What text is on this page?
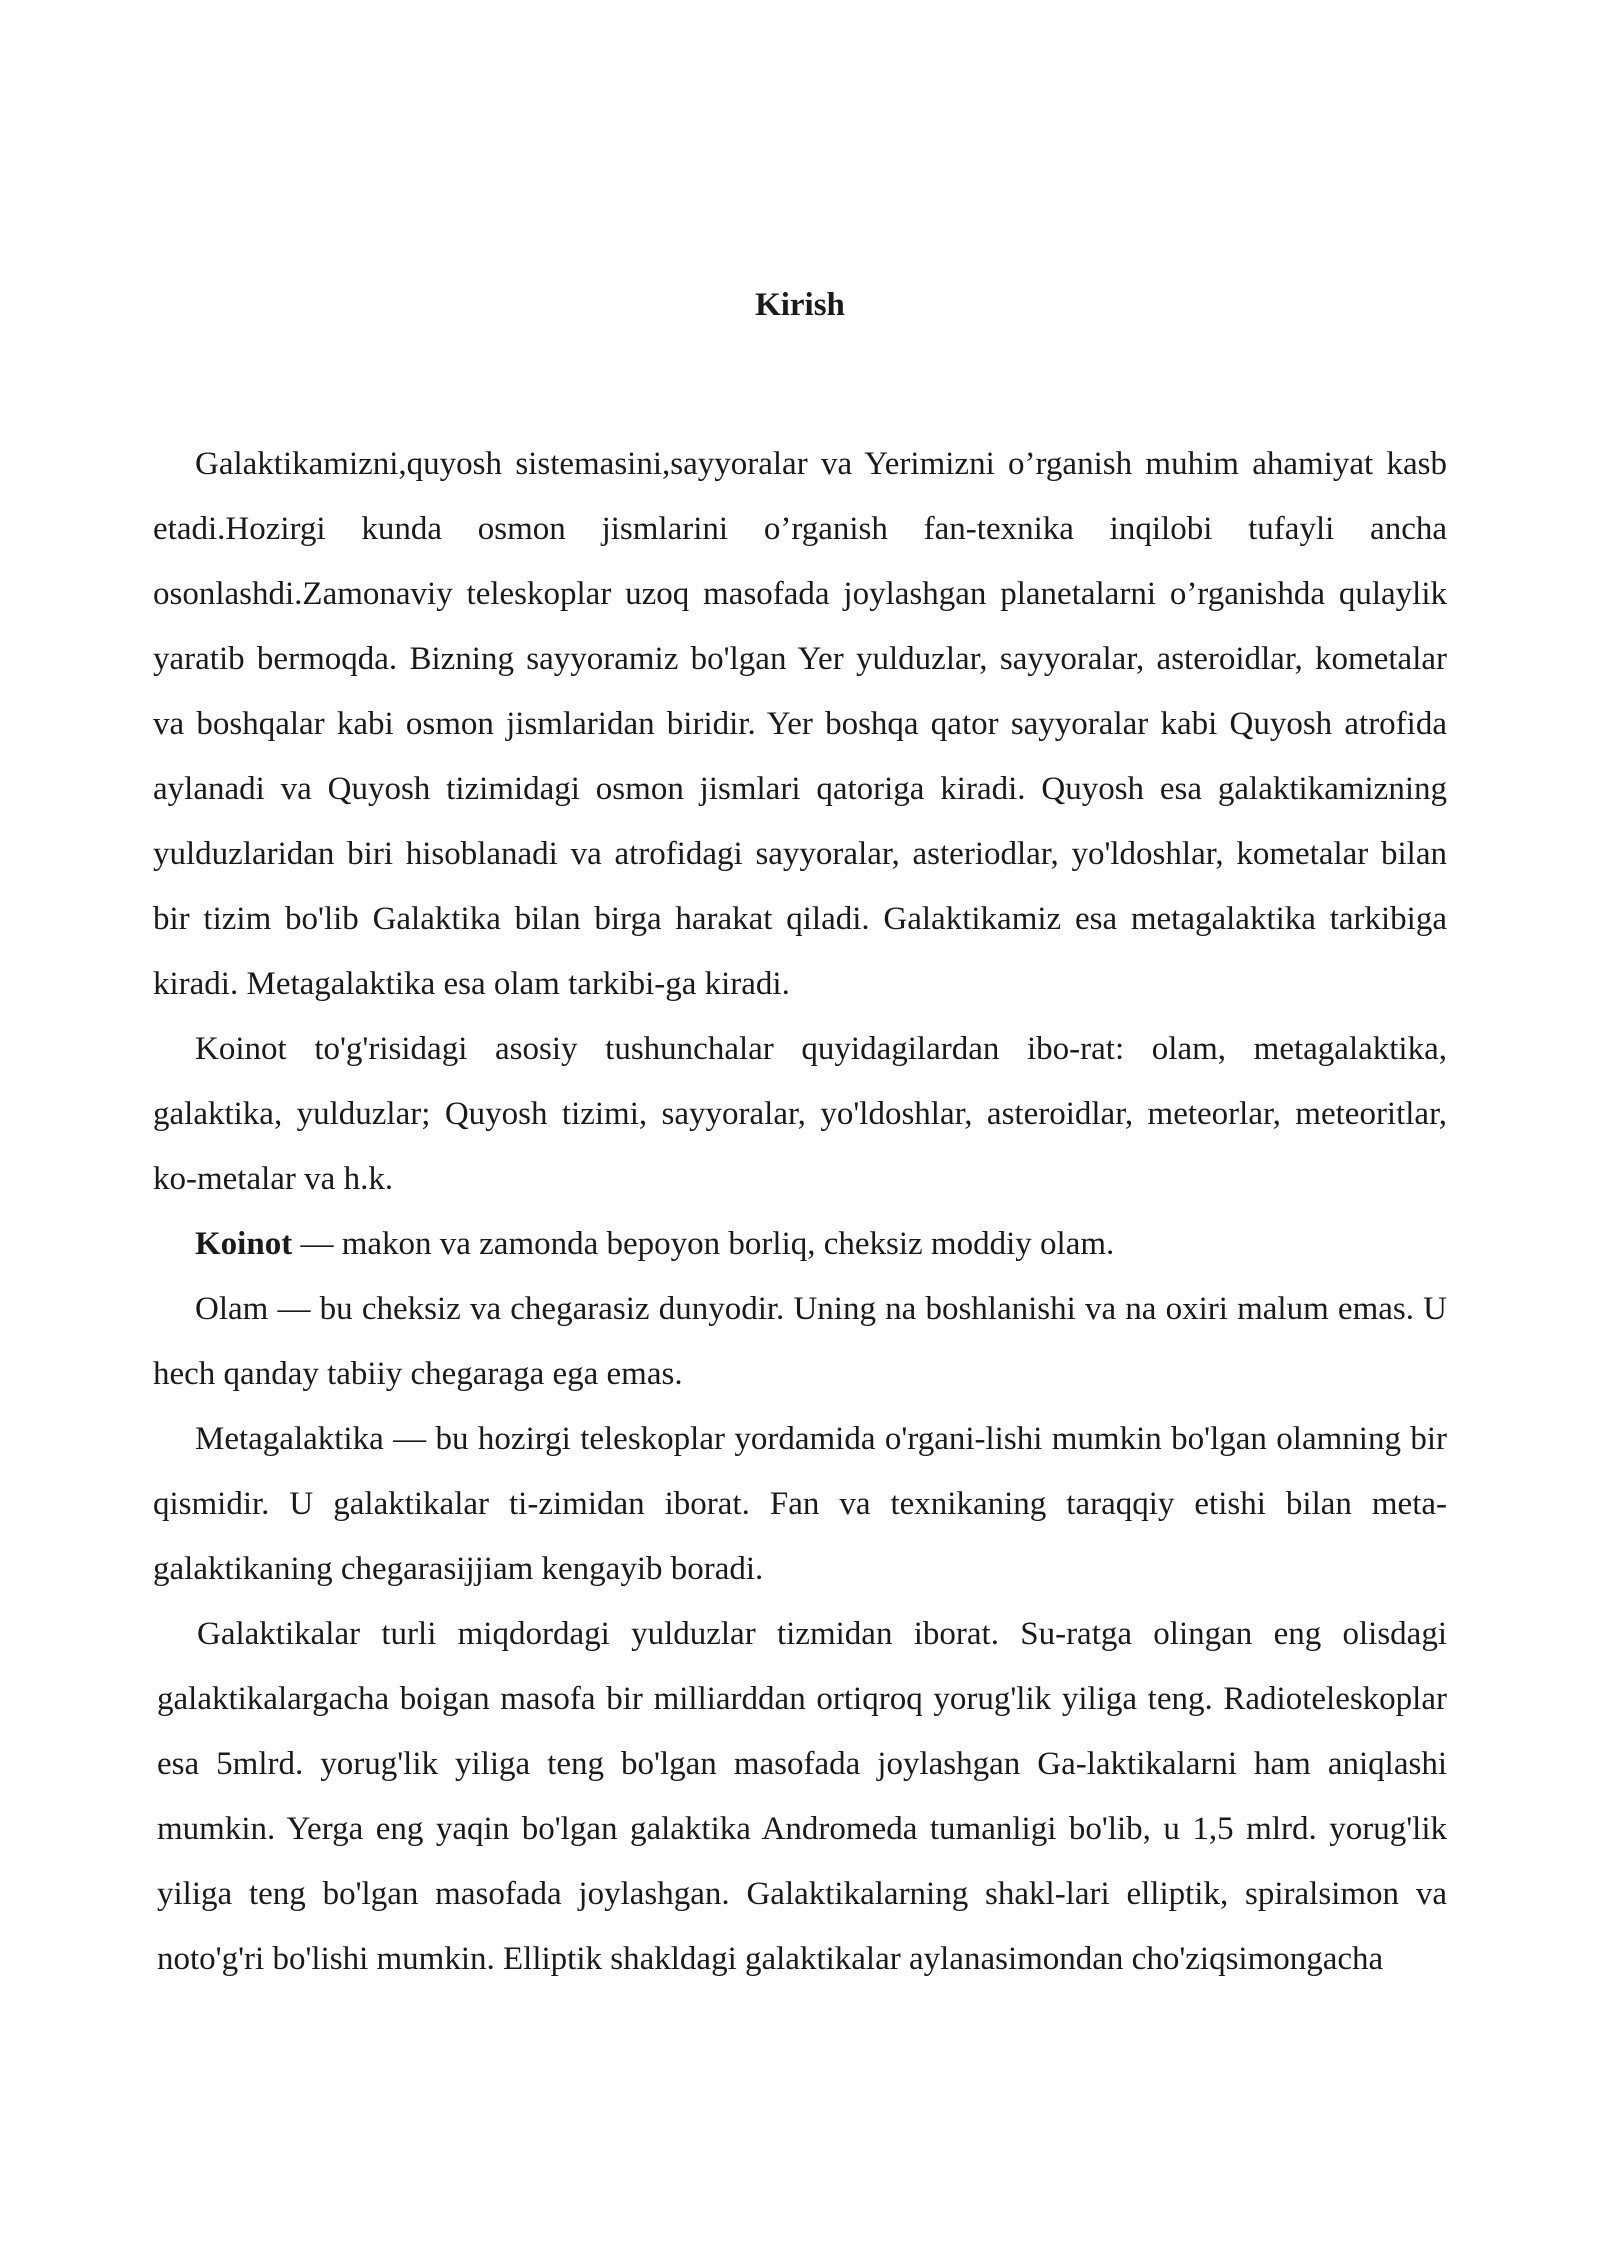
Kirish

Galaktikamizni,quyosh sistemasini,sayyoralar va Yerimizni o’rganish muhim ahamiyat kasb etadi.Hozirgi kunda osmon jismlarini o’rganish fan-texnika inqilobi tufayli ancha osonlashdi.Zamonaviy teleskoplar uzoq masofada joylashgan planetalarni o’rganishda qulaylik yaratib bermoqda. Bizning sayyoramiz bo'lgan Yer yulduzlar, sayyoralar, asteroidlar, kometalar va boshqalar kabi osmon jismlaridan biridir. Yer boshqa qator sayyoralar kabi Quyosh atrofida aylanadi va Quyosh tizimidagi osmon jismlari qatoriga kiradi. Quyosh esa galaktikamizning yulduzlaridan biri hisoblanadi va atrofidagi sayyoralar, asteriodlar, yo'ldoshlar, kometalar bilan bir tizim bo'lib Galaktika bilan birga harakat qiladi. Galaktikamiz esa metagalaktika tarkibiga kiradi. Metagalaktika esa olam tarkibi-ga kiradi.

Koinot to'g'risidagi asosiy tushunchalar quyidagilardan ibo-rat: olam, metagalaktika, galaktika, yulduzlar; Quyosh tizimi, sayyoralar, yo'ldoshlar, asteroidlar, meteorlar, meteoritlar, ko-metalar va h.k.

Koinot — makon va zamonda bepoyon borliq, cheksiz moddiy olam.

Olam — bu cheksiz va chegarasiz dunyodir. Uning na boshlanishi va na oxiri malum emas. U hech qanday tabiiy chegaraga ega emas.

Metagalaktika — bu hozirgi teleskoplar yordamida o'rgani-lishi mumkin bo'lgan olamning bir qismidir. U galaktikalar ti-zimidan iborat. Fan va texnikaning taraqqiy etishi bilan meta-galaktikaning chegarasijjiam kengayib boradi.

Galaktikalar turli miqdordagi yulduzlar tizmidan iborat. Su-ratga olingan eng olisdagi galaktikalargacha boigan masofa bir milliarddan ortiqroq yorug'lik yiliga teng. Radioteleskoplar esa 5mlrd. yorug'lik yiliga teng bo'lgan masofada joylashgan Ga-laktikalarni ham aniqlashi mumkin. Yerga eng yaqin bo'lgan galaktika Andromeda tumanligi bo'lib, u 1,5 mlrd. yorug'lik yiliga teng bo'lgan masofada joylashgan. Galaktikalarning shakl-lari elliptik, spiralsimon va noto'g'ri bo'lishi mumkin. Elliptik shakldagi galaktikalar aylanasimondan cho'ziqsimongacha
